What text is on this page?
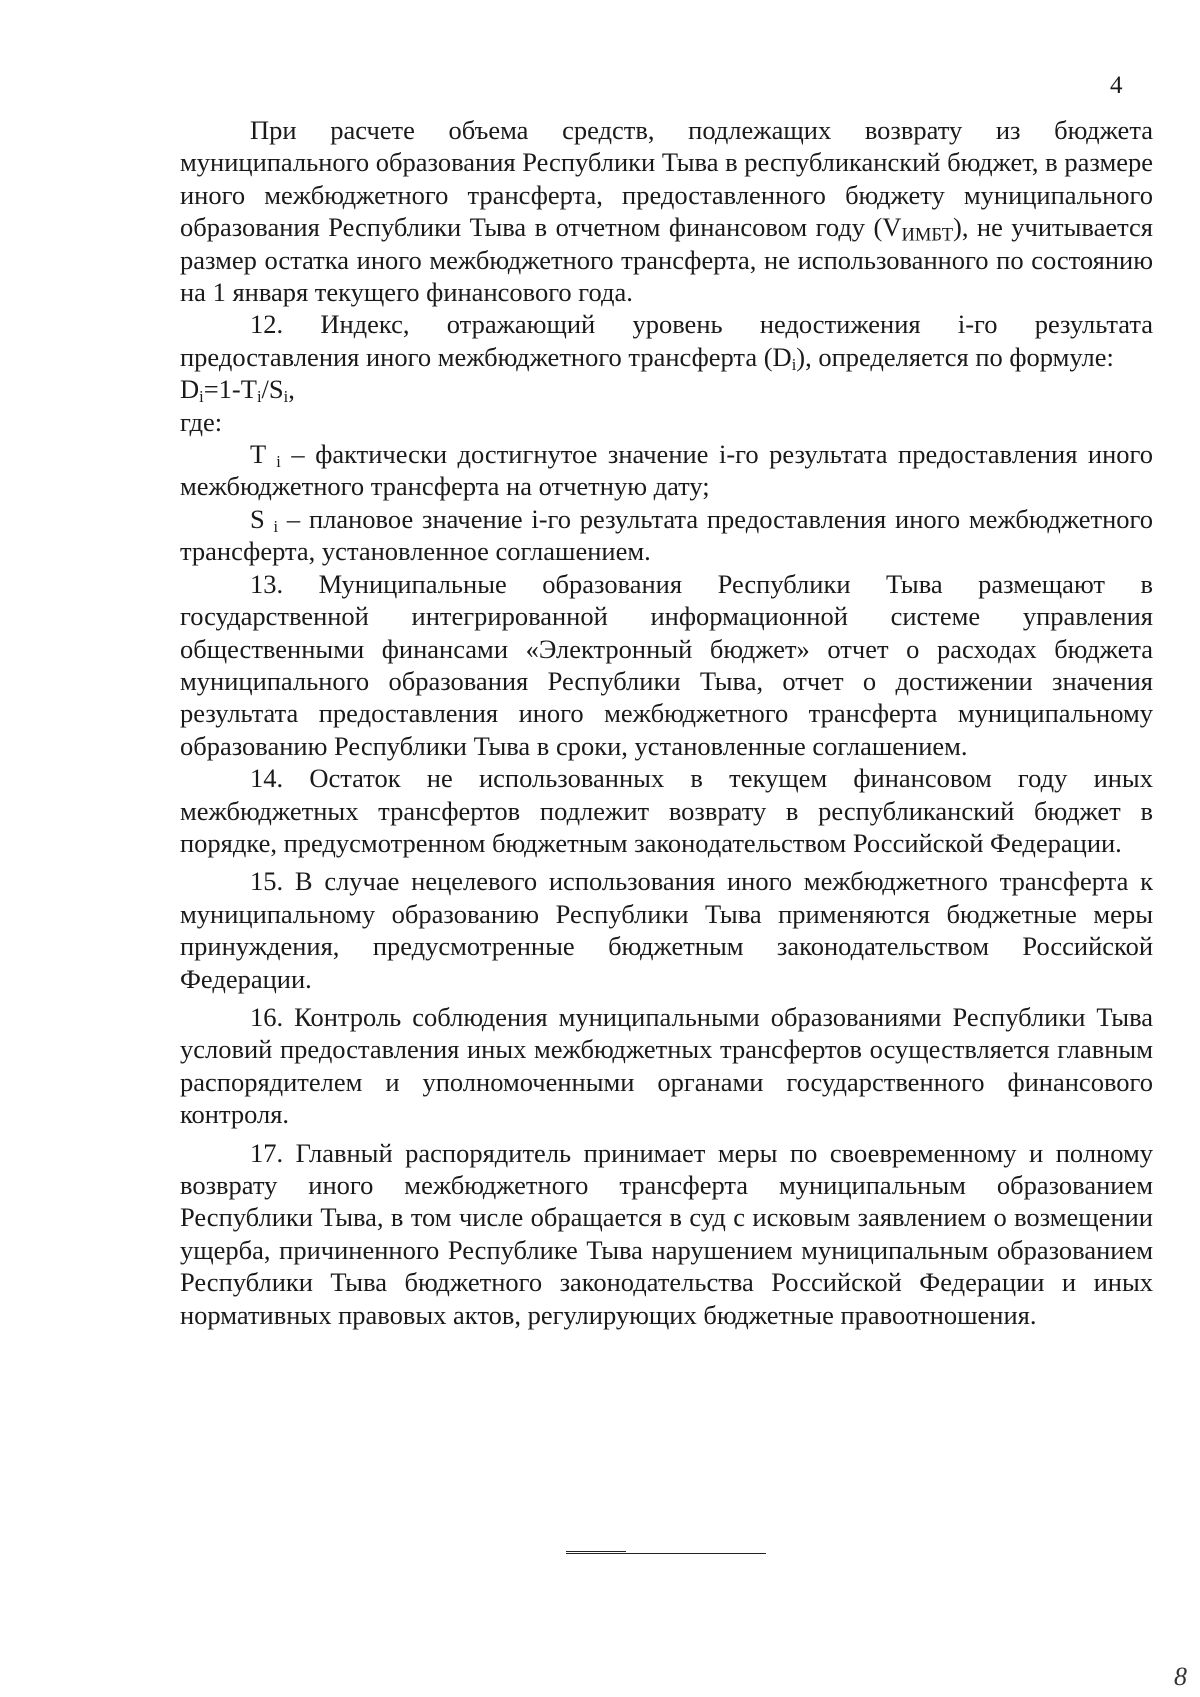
4

При расчете объема средств, подлежащих возврату из бюджета муниципального образования Республики Тыва в республиканский бюджет, в размере иного межбюджетного трансферта, предоставленного бюджету муниципального образования Республики Тыва в отчетном финансовом году $(V_{ИМБТ})$, не учитывается размер остатка иного межбюджетного трансферта, не использованного по состоянию на 1 января текущего финансового года.

12. Индекс, отражающий уровень недостижения i-го результата предоставления иного межбюджетного трансферта $(D_i)$, определяется по формуле:

$D_i=1-T_i/S_i$,

где:

T $_i$ – фактически достигнутое значение i-го результата предоставления иного межбюджетного трансферта на отчетную дату;

S $_i$ – плановое значение i-го результата предоставления иного межбюджетного трансферта, установленное соглашением.

13. Муниципальные образования Республики Тыва размещают в государственной интегрированной информационной системе управления общественными финансами «Электронный бюджет» отчет о расходах бюджета муниципального образования Республики Тыва, отчет о достижении значения результата предоставления иного межбюджетного трансферта муниципальному образованию Республики Тыва в сроки, установленные соглашением.

14. Остаток не использованных в текущем финансовом году иных межбюджетных трансфертов подлежит возврату в республиканский бюджет в порядке, предусмотренном бюджетным законодательством Российской Федерации.

15. В случае нецелевого использования иного межбюджетного трансферта к муниципальному образованию Республики Тыва применяются бюджетные меры принуждения, предусмотренные бюджетным законодательством Российской Федерации.

16. Контроль соблюдения муниципальными образованиями Республики Тыва условий предоставления иных межбюджетных трансфертов осуществляется главным распорядителем и уполномоченными органами государственного финансового контроля.

17. Главный распорядитель принимает меры по своевременному и полному возврату иного межбюджетного трансферта муниципальным образованием Республики Тыва, в том числе обращается в суд с исковым заявлением о возмещении ущерба, причиненного Республике Тыва нарушением муниципальным образованием Республики Тыва бюджетного законодательства Российской Федерации и иных нормативных правовых актов, регулирующих бюджетные правоотношения.

8
